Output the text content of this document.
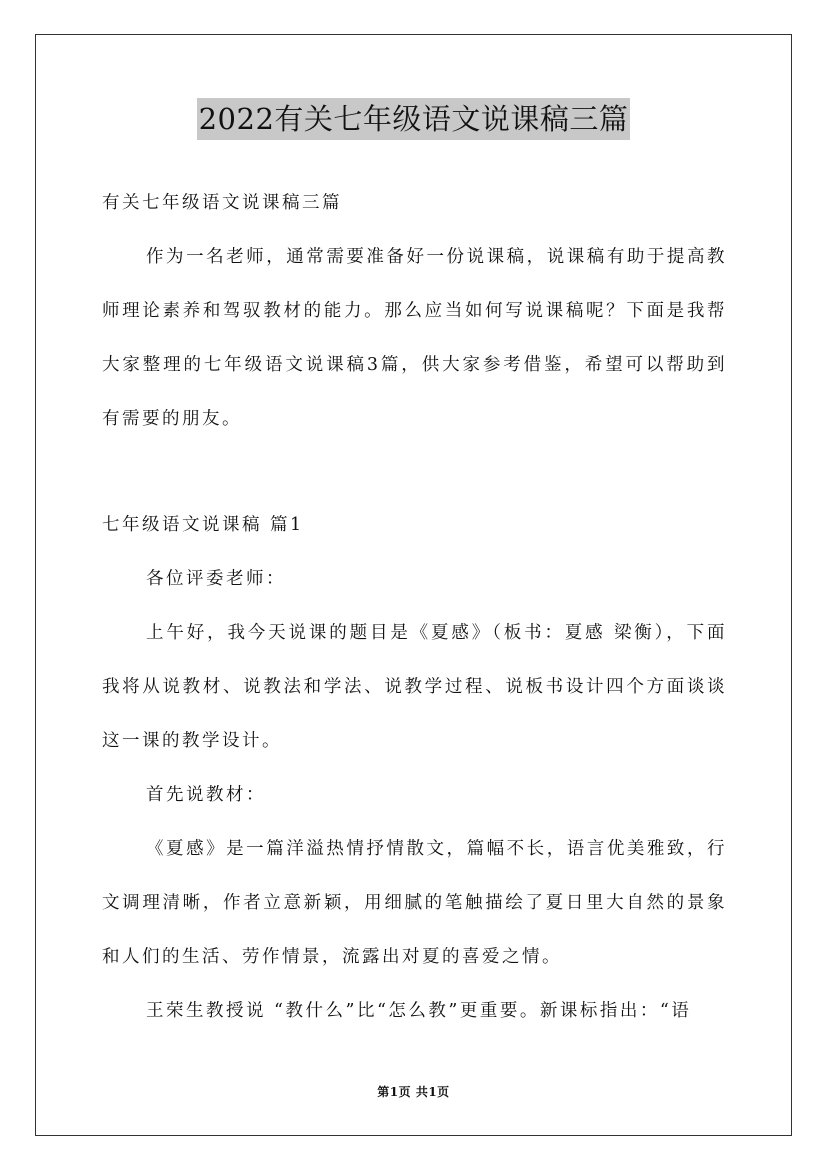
2022有关七年级语文说课稿三篇

有关七年级语文说课稿三篇

作为一名老师，通常需要准备好一份说课稿，说课稿有助于提高教师理论素养和驾驭教材的能力。那么应当如何写说课稿呢？下面是我帮大家整理的七年级语文说课稿3篇，供大家参考借鉴，希望可以帮助到有需要的朋友。

七年级语文说课稿 篇1

各位评委老师：

上午好，我今天说课的题目是《夏感》（板书：夏感 梁衡），下面我将从说教材、说教法和学法、说教学过程、说板书设计四个方面谈谈这一课的教学设计。

首先说教材：

《夏感》是一篇洋溢热情抒情散文，篇幅不长，语言优美雅致，行文调理清晰，作者立意新颖，用细腻的笔触描绘了夏日里大自然的景象和人们的生活、劳作情景，流露出对夏的喜爱之情。

王荣生教授说 “教什么”比“怎么教”更重要。新课标指出：“语

第1页 共1页
